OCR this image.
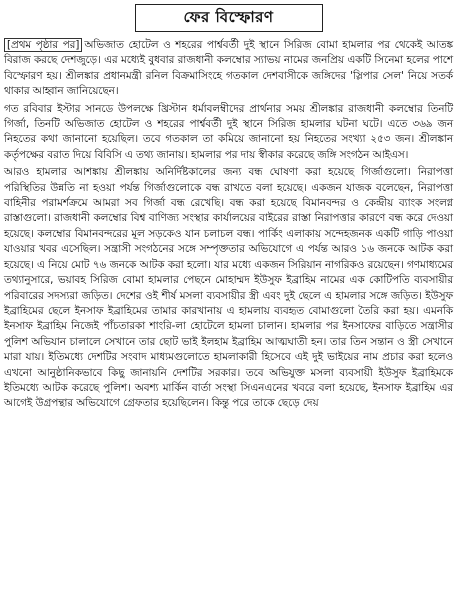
ফের বিস্ফোরণ

[প্রথম পৃষ্ঠার পর] অভিজাত হোটেল ও শহরের পার্শ্ববর্তী দুই স্থানে সিরিজ বোমা হামলার পর থেকেই আতঙ্ক বিরাজ করছে দেশজুড়ে। এর মধ্যেই বুধবার রাজধানী কলম্বোর স্যাভয় নামের জনপ্রিয় একটি সিনেমা হলের পাশে বিস্ফোরণ হয়। শ্রীলঙ্কার প্রধানমন্ত্রী রনিল বিক্রমাসিংহে গতকাল দেশবাসীকে জঙ্গিদের 'স্লিপার সেল' নিয়ে সতর্ক থাকার আহ্বান জানিয়েছেন।

গত রবিবার ইস্টার সানডে উপলক্ষে খ্রিস্টান ধর্মাবলম্বীদের প্রার্থনার সময় শ্রীলঙ্কার রাজধানী কলম্বোর তিনটি গির্জা, তিনটি অভিজাত হোটেল ও শহরের পার্শ্ববর্তী দুই স্থানে সিরিজ হামলার ঘটনা ঘটে। এতে ৩৬৯ জন নিহতের কথা জানানো হয়েছিল। তবে গতকাল তা কমিয়ে জানানো হয় নিহতের সংখ্যা ২৫৩ জন। শ্রীলঙ্কান কর্তৃপক্ষের বরাত দিয়ে বিবিসি এ তথ্য জানায়। হামলার পর দায় স্বীকার করেছে জঙ্গি সংগঠন আইএস।

আরও হামলার আশঙ্কায় শ্রীলঙ্কায় অনির্দিষ্টকালের জন্য বন্ধ ঘোষণা করা হয়েছে গির্জাগুলো। নিরাপত্তা পরিস্থিতির উন্নতি না হওয়া পর্যন্ত গির্জাগুলোকে বন্ধ রাখতে বলা হয়েছে। একজন যাজক বলেছেন, নিরাপত্তা বাহিনীর পরামর্শক্রমে আমরা সব গির্জা বন্ধ রেখেছি। বন্ধ করা হয়েছে বিমানবন্দর ও কেন্দ্রীয় ব্যাংক সংলগ্ন রাস্তাগুলো। রাজধানী কলম্বোর বিশ্ব বাণিজ্য সংস্থার কার্যালয়ের বাইরের রাস্তা নিরাপত্তার কারণে বন্ধ করে দেওয়া হয়েছে। কলম্বোর বিমানবন্দরের মূল সড়কেও যান চলাচল বন্ধ। পার্কিং এলাকায় সন্দেহজনক একটি গাড়ি পাওয়া যাওয়ার খবর এসেছিল। সন্ত্রাসী সংগঠনের সঙ্গে সম্পৃক্ততার অভিযোগে এ পর্যন্ত আরও ১৬ জনকে আটক করা হয়েছে। এ নিয়ে মোট ৭৬ জনকে আটক করা হলো। যার মধ্যে একজন সিরিয়ান নাগরিকও রয়েছেন। গণমাধ্যমের তথ্যানুসারে, ভয়াবহ সিরিজ বোমা হামলার পেছনে মোহাম্মদ ইউসুফ ইব্রাহিম নামের এক কোটিপতি ব্যবসায়ীর পরিবারের সদস্যরা জড়িত। দেশের ওই শীর্ষ মসলা ব্যবসায়ীর স্ত্রী এবং দুই ছেলে এ হামলার সঙ্গে জড়িত। ইউসুফ ইব্রাহিমের ছেলে ইনসাফ ইব্রাহিমের তামার কারখানায় এ হামলায় ব্যবহৃত বোমাগুলো তৈরি করা হয়। এমনকি ইনসাফ ইব্রাহিম নিজেই পাঁচতারকা শাংরি-লা হোটেলে হামলা চালান। হামলার পর ইনসাফের বাড়িতে সন্ত্রাসীর পুলিশ অভিযান চালালে সেখানে তার ছোট ভাই ইলহাম ইব্রাহিম আত্মঘাতী হন। তার তিন সন্তান ও স্ত্রী সেখানে মারা যায়। ইতিমধ্যে দেশটির সংবাদ মাধ্যমগুলোতে হামলাকারী হিসেবে এই দুই ভাইয়ের নাম প্রচার করা হলেও এখনো আনুষ্ঠানিকভাবে কিছু জানায়নি দেশটির সরকার। তবে অভিযুক্ত মসলা ব্যবসায়ী ইউসুফ ইব্রাহিমকে ইতিমধ্যে আটক করেছে পুলিশ। অবশ্য মার্কিন বার্তা সংস্থা সিএনএনের খবরে বলা হয়েছে, ইনসাফ ইব্রাহিম এর আগেই উগ্রপন্থার অভিযোগে গ্রেফতার হয়েছিলেন। কিন্তু পরে তাকে ছেড়ে দেয়
